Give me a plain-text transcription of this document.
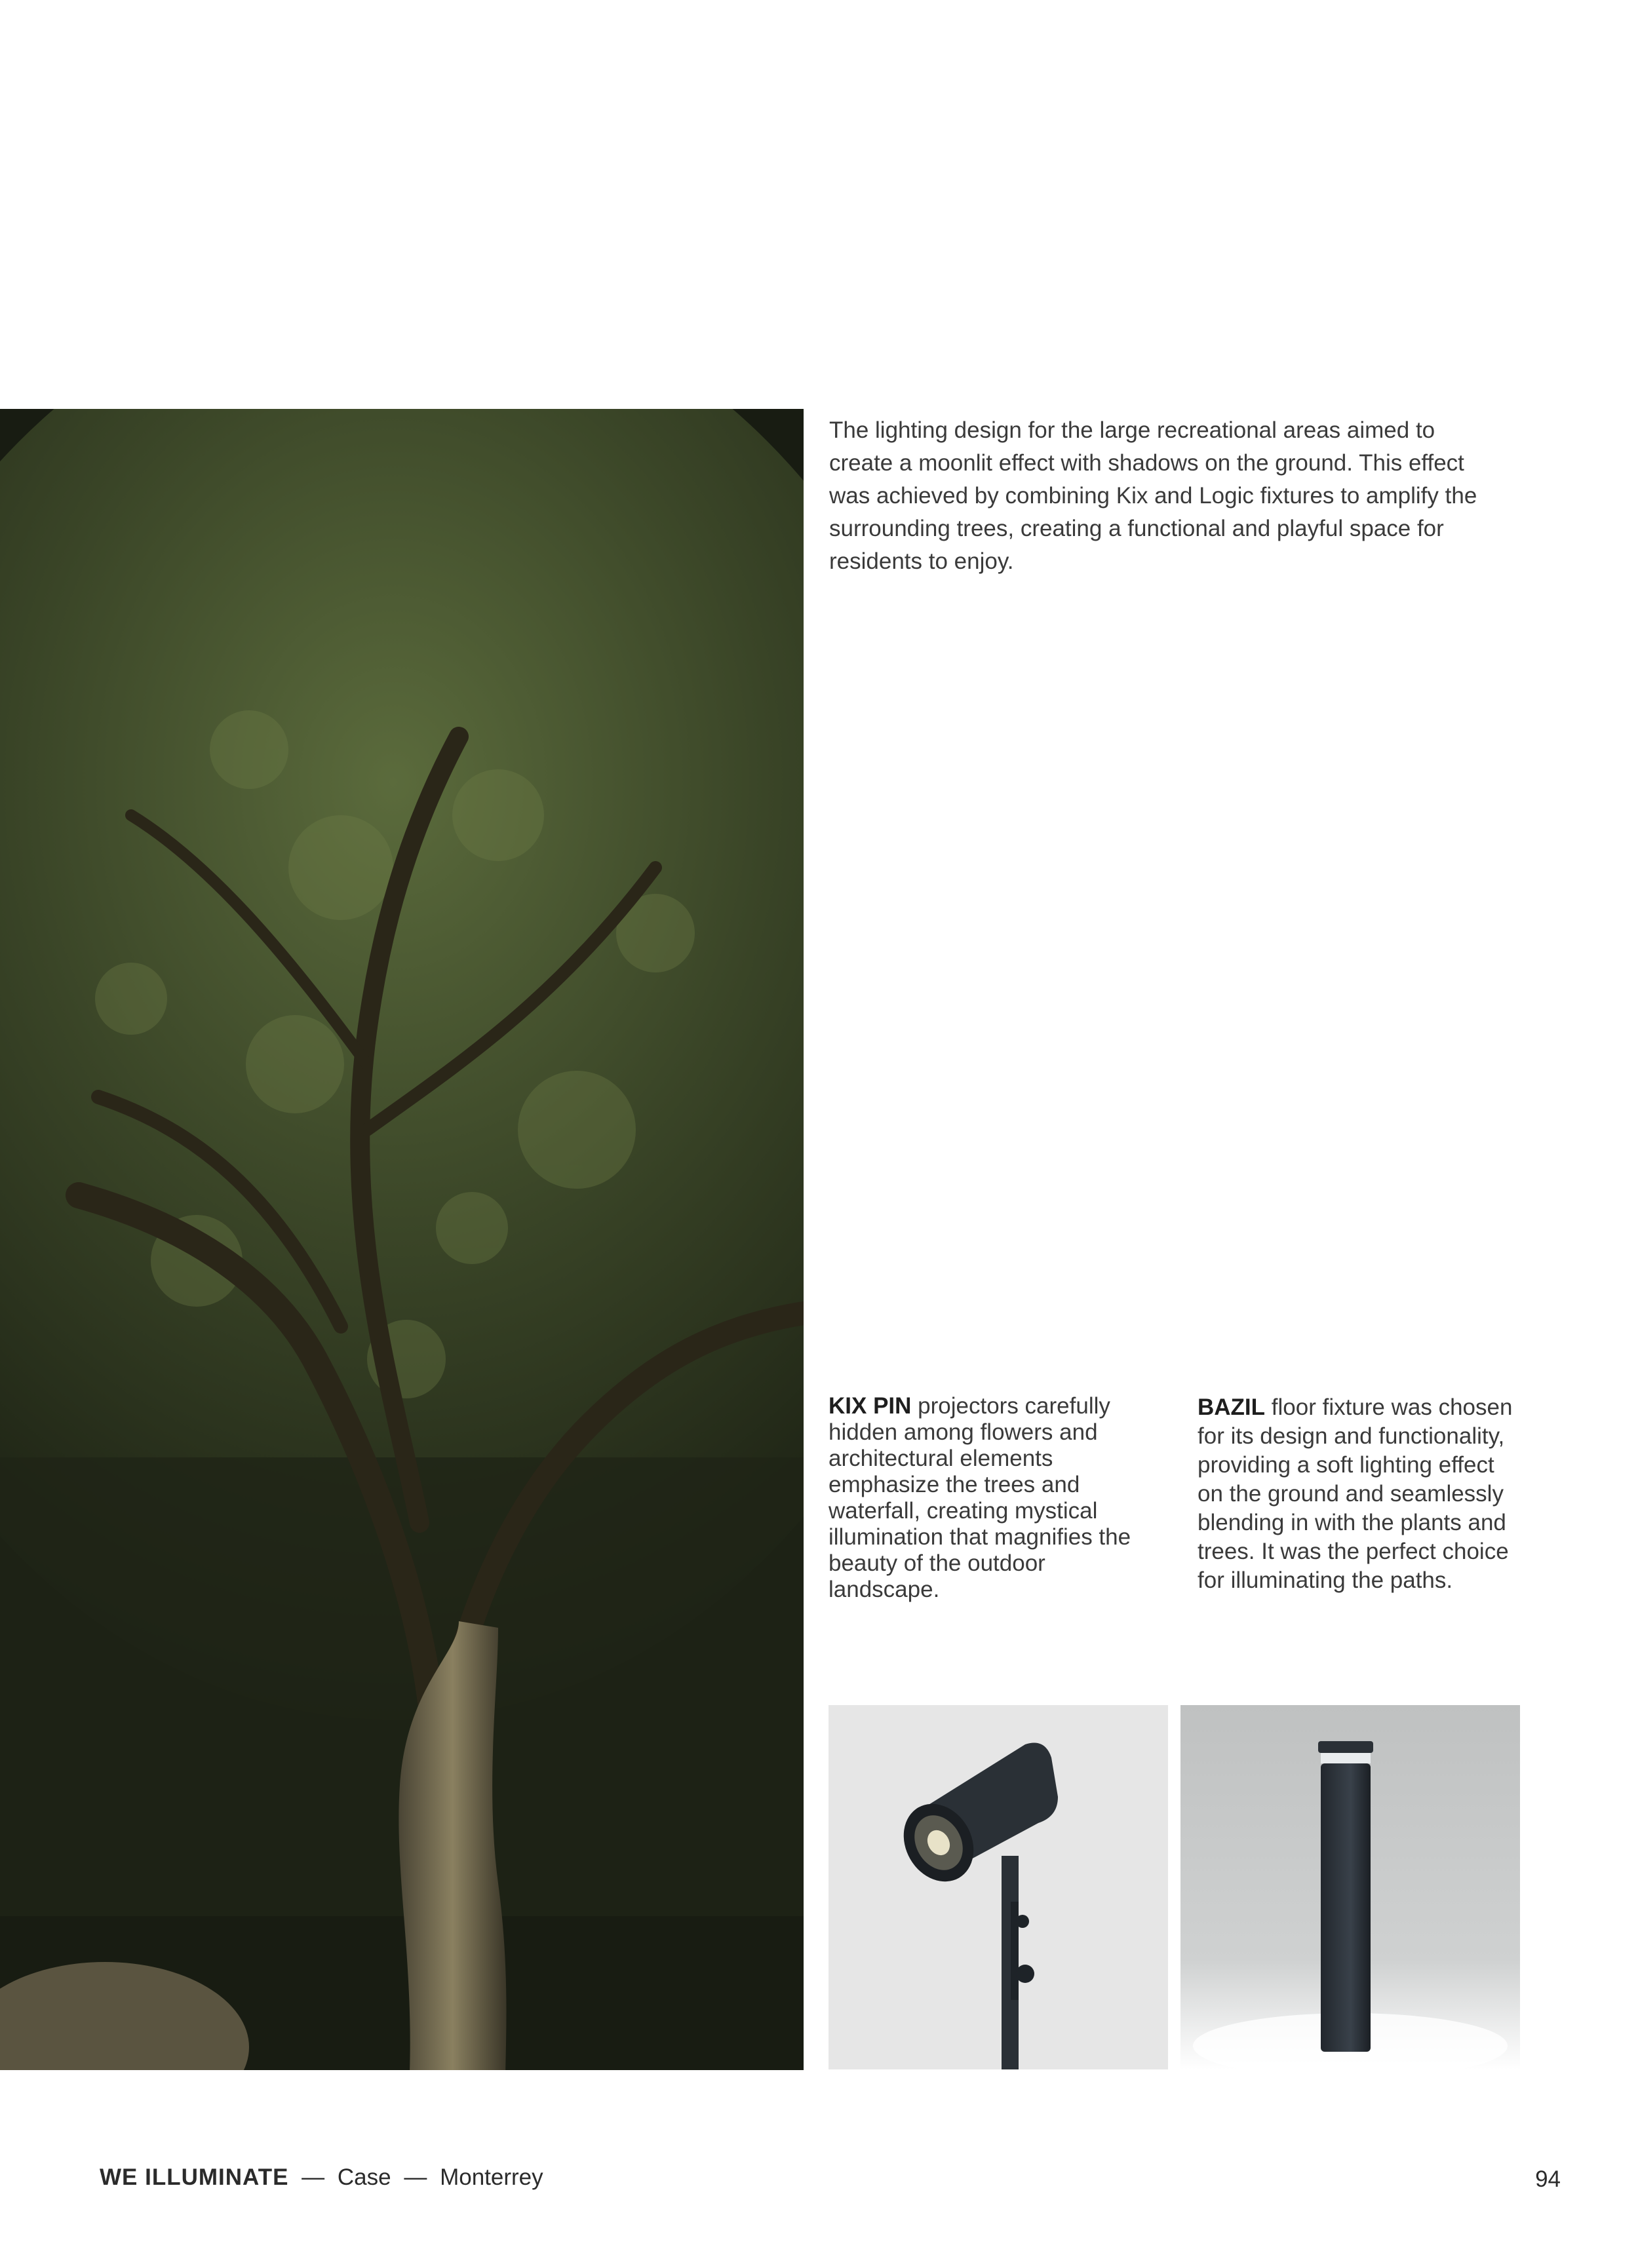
The lighting design for the large recreational areas aimed to create a moonlit effect with shadows on the ground. This effect was achieved by combining Kix and Logic fixtures to amplify the surrounding trees, creating a functional and playful space for residents to enjoy.

KIX PIN projectors carefully hidden among flowers and architectural elements emphasize the trees and waterfall, creating mystical illumination that magnifies the beauty of the outdoor landscape.

BAZIL floor fixture was chosen for its design and functionality, providing a soft lighting effect on the ground and seamlessly blending in with the plants and trees. It was the perfect choice for illuminating the paths.

WE ILLUMINATE — Case — Monterrey	94
